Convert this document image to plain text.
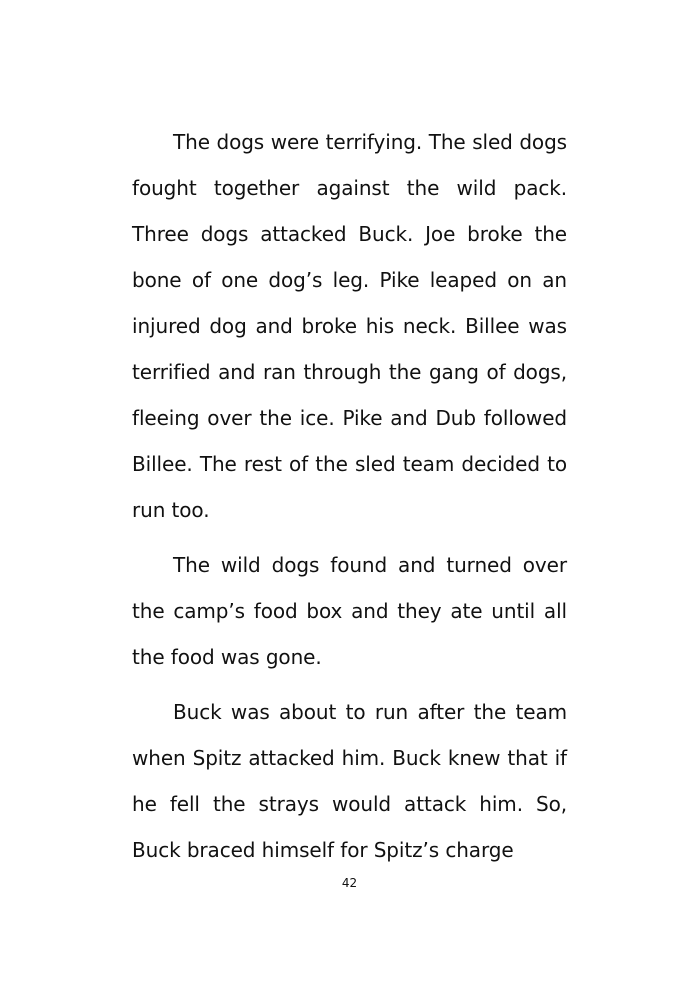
The dogs were terrifying. The sled dogs fought together against the wild pack. Three dogs attacked Buck. Joe broke the bone of one dog’s leg. Pike leaped on an injured dog and broke his neck. Billee was terrified and ran through the gang of dogs, fleeing over the ice. Pike and Dub followed Billee. The rest of the sled team decided to run too.

The wild dogs found and turned over the camp’s food box and they ate until all the food was gone.

Buck was about to run after the team when Spitz attacked him. Buck knew that if he fell the strays would attack him. So, Buck braced himself for Spitz’s charge

42
